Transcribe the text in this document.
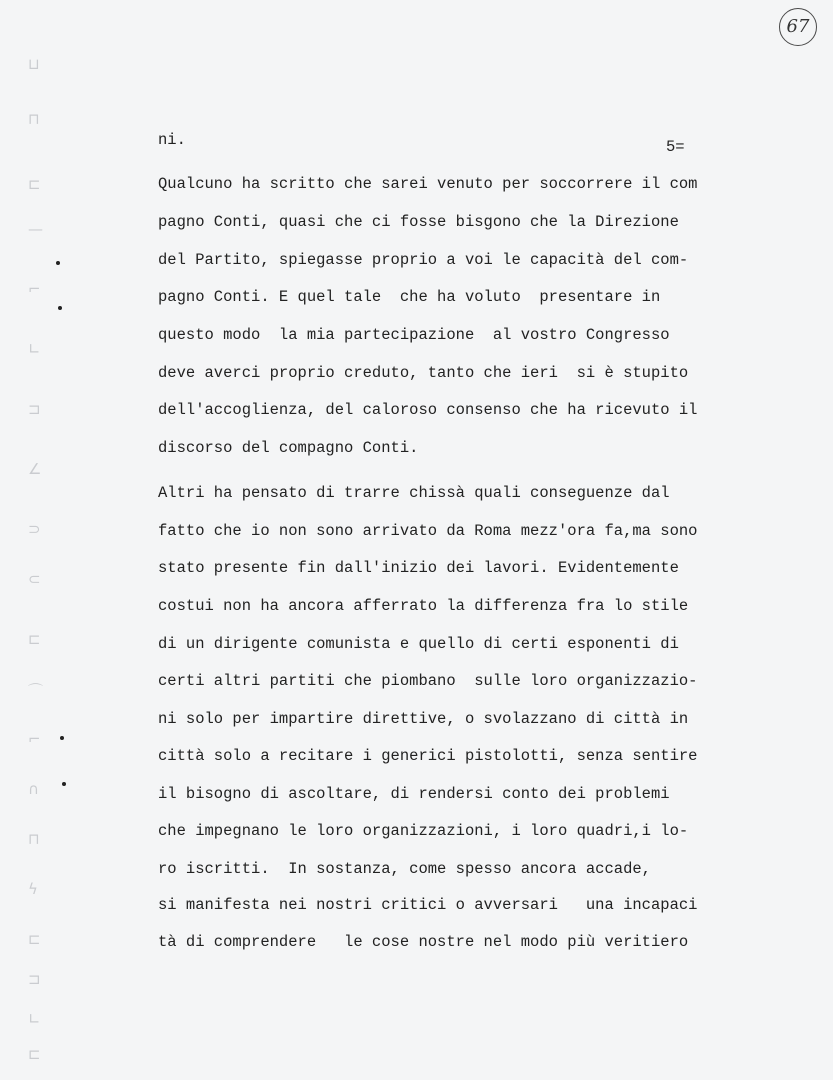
67
⊔
⊓
⊏
—
⌐
∟
⊐
∠
⊃
⊂
⊏
⌒
⌐
∩
⊓
ϟ
⊏
⊐
∟
⊏
ni.	5=
Qualcuno ha scritto che sarei venuto per soccorrere il com
pagno Conti, quasi che ci fosse bisgono che la Direzione
del Partito, spiegasse proprio a voi le capacità del com-
pagno Conti. E quel tale  che ha voluto  presentare in
questo modo  la mia partecipazione  al vostro Congresso
deve averci proprio creduto, tanto che ieri  si è stupito
dell'accoglienza, del caloroso consenso che ha ricevuto il
discorso del compagno Conti.
Altri ha pensato di trarre chissà quali conseguenze dal
fatto che io non sono arrivato da Roma mezz'ora fa,ma sono
stato presente fin dall'inizio dei lavori. Evidentemente
costui non ha ancora afferrato la differenza fra lo stile
di un dirigente comunista e quello di certi esponenti di
certi altri partiti che piombano  sulle loro organizzazio-
ni solo per impartire direttive, o svolazzano di città in
città solo a recitare i generici pistolotti, senza sentire
il bisogno di ascoltare, di rendersi conto dei problemi
che impegnano le loro organizzazioni, i loro quadri,i lo-
ro iscritti.  In sostanza, come spesso ancora accade,
si manifesta nei nostri critici o avversari   una incapaci
tà di comprendere   le cose nostre nel modo più veritiero
